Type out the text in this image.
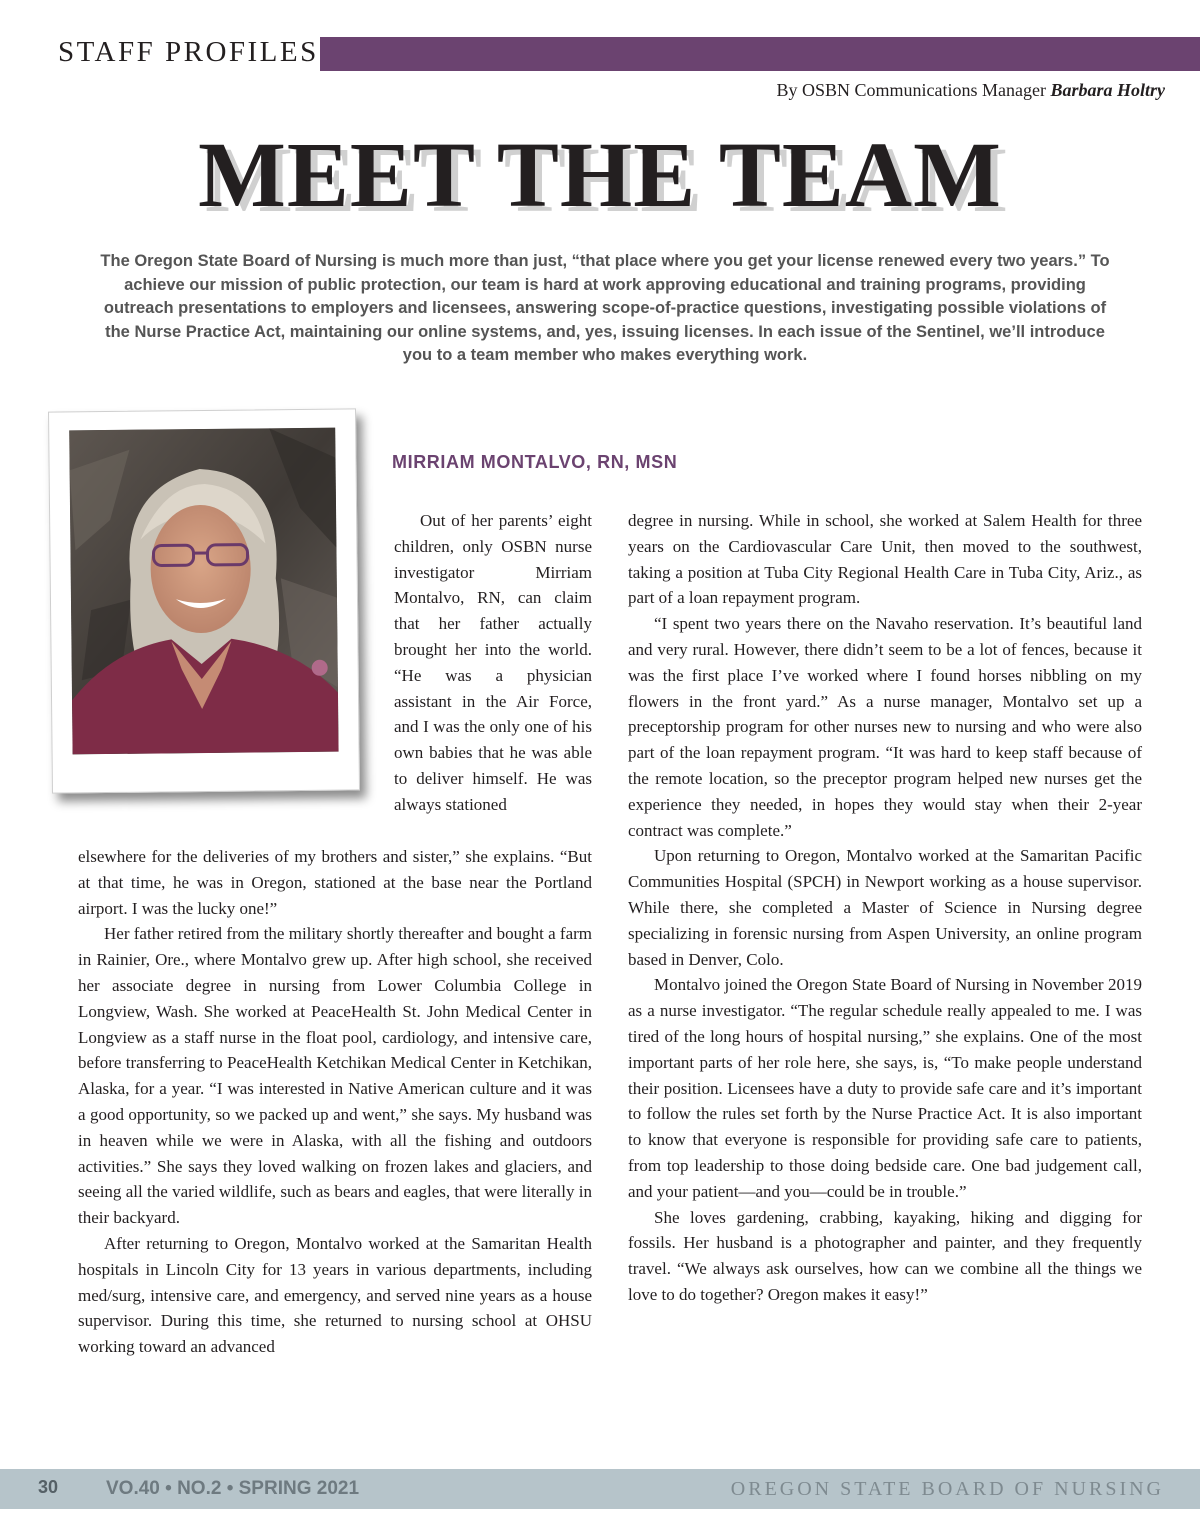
STAFF PROFILES
By OSBN Communications Manager Barbara Holtry
MEET THE TEAM
The Oregon State Board of Nursing is much more than just, “that place where you get your license renewed every two years.” To achieve our mission of public protection, our team is hard at work approving educational and training programs, providing outreach presentations to employers and licensees, answering scope-of-practice questions, investigating possible violations of the Nurse Practice Act, maintaining our online systems, and, yes, issuing licenses. In each issue of the Sentinel, we’ll introduce you to a team member who makes everything work.
MIRRIAM MONTALVO, RN, MSN

Out of her parents’ eight children, only OSBN nurse investigator Mirriam Montalvo, RN, can claim that her father actually brought her into the world. “He was a physician assistant in the Air Force, and I was the only one of his own babies that he was able to deliver himself. He was always stationed

elsewhere for the deliveries of my brothers and sister,” she explains. “But at that time, he was in Oregon, stationed at the base near the Portland airport. I was the lucky one!”

Her father retired from the military shortly thereafter and bought a farm in Rainier, Ore., where Montalvo grew up. After high school, she received her associate degree in nursing from Lower Columbia College in Longview, Wash. She worked at PeaceHealth St. John Medical Center in Longview as a staff nurse in the float pool, cardiology, and intensive care, before transferring to PeaceHealth Ketchikan Medical Center in Ketchikan, Alaska, for a year. “I was interested in Native American culture and it was a good opportunity, so we packed up and went,” she says. My husband was in heaven while we were in Alaska, with all the fishing and outdoors activities.” She says they loved walking on frozen lakes and glaciers, and seeing all the varied wildlife, such as bears and eagles, that were literally in their backyard.

After returning to Oregon, Montalvo worked at the Samaritan Health hospitals in Lincoln City for 13 years in various departments, including med/surg, intensive care, and emergency, and served nine years as a house supervisor. During this time, she returned to nursing school at OHSU working toward an advanced

degree in nursing. While in school, she worked at Salem Health for three years on the Cardiovascular Care Unit, then moved to the southwest, taking a position at Tuba City Regional Health Care in Tuba City, Ariz., as part of a loan repayment program.

“I spent two years there on the Navaho reservation. It’s beautiful land and very rural. However, there didn’t seem to be a lot of fences, because it was the first place I’ve worked where I found horses nibbling on my flowers in the front yard.” As a nurse manager, Montalvo set up a preceptorship program for other nurses new to nursing and who were also part of the loan repayment program. “It was hard to keep staff because of the remote location, so the preceptor program helped new nurses get the experience they needed, in hopes they would stay when their 2-year contract was complete.”

Upon returning to Oregon, Montalvo worked at the Samaritan Pacific Communities Hospital (SPCH) in Newport working as a house supervisor. While there, she completed a Master of Science in Nursing degree specializing in forensic nursing from Aspen University, an online program based in Denver, Colo.

Montalvo joined the Oregon State Board of Nursing in November 2019 as a nurse investigator. “The regular schedule really appealed to me. I was tired of the long hours of hospital nursing,” she explains. One of the most important parts of her role here, she says, is, “To make people understand their position. Licensees have a duty to provide safe care and it’s important to follow the rules set forth by the Nurse Practice Act. It is also important to know that everyone is responsible for providing safe care to patients, from top leadership to those doing bedside care. One bad judgement call, and your patient—and you—could be in trouble.”

She loves gardening, crabbing, kayaking, hiking and digging for fossils. Her husband is a photographer and painter, and they frequently travel. “We always ask ourselves, how can we combine all the things we love to do together? Oregon makes it easy!”

30	VO.40 • NO.2 • SPRING 2021	OREGON STATE BOARD OF NURSING
